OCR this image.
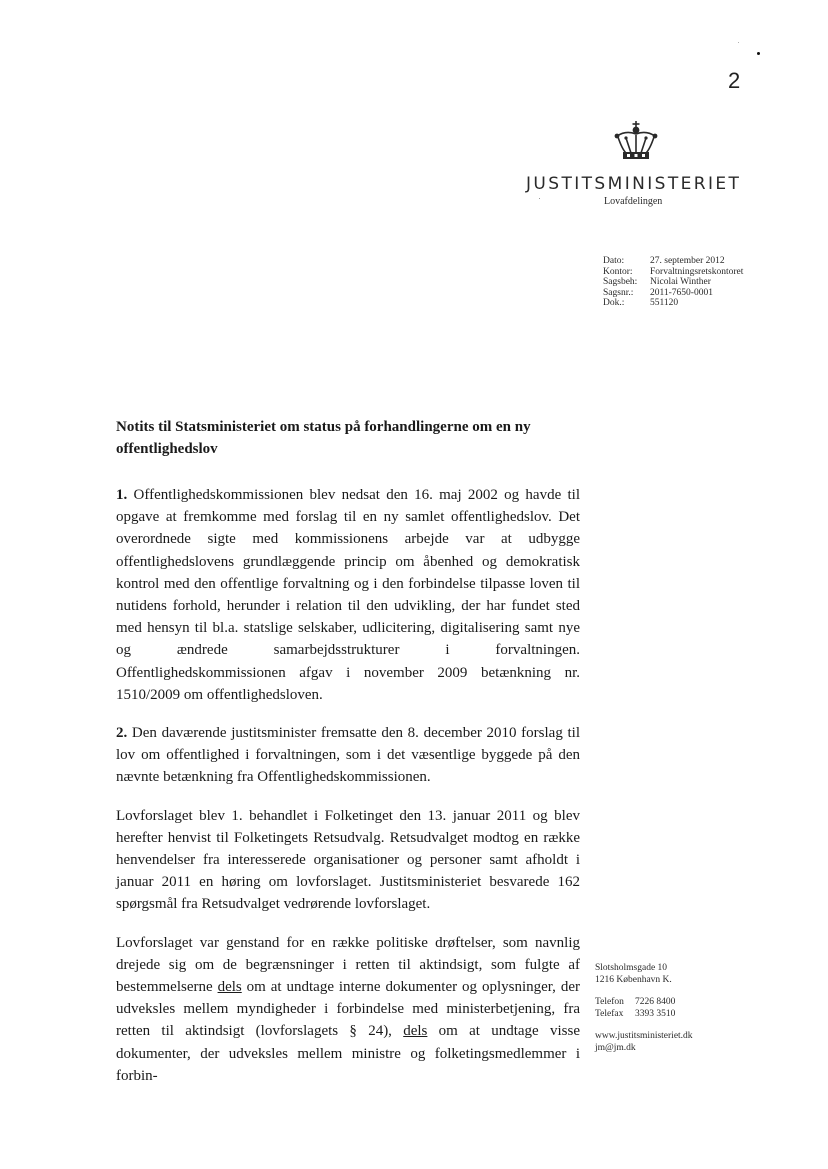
2
JUSTITSMINISTERIET
Lovafdelingen
Dato:	27. september 2012
Kontor:	Forvaltningsretskontoret
Sagsbeh:	Nicolai Winther
Sagsnr.:	2011-7650-0001
Dok.:	551120
Notits til Statsministeriet om status på forhandlingerne om en ny offentlighedslov

1. Offentlighedskommissionen blev nedsat den 16. maj 2002 og havde til opgave at fremkomme med forslag til en ny samlet offentlighedslov. Det overordnede sigte med kommissionens arbejde var at udbygge offentlighedslovens grundlæggende princip om åbenhed og demokratisk kontrol med den offentlige forvaltning og i den forbindelse tilpasse loven til nutidens forhold, herunder i relation til den udvikling, der har fundet sted med hensyn til bl.a. statslige selskaber, udlicitering, digitalisering samt nye og ændrede samarbejdsstrukturer i forvaltningen. Offentlighedskommissionen afgav i november 2009 betænkning nr. 1510/2009 om offentlighedsloven.

2. Den daværende justitsminister fremsatte den 8. december 2010 forslag til lov om offentlighed i forvaltningen, som i det væsentlige byggede på den nævnte betænkning fra Offentlighedskommissionen.

Lovforslaget blev 1. behandlet i Folketinget den 13. januar 2011 og blev herefter henvist til Folketingets Retsudvalg. Retsudvalget modtog en række henvendelser fra interesserede organisationer og personer samt afholdt i januar 2011 en høring om lovforslaget. Justitsministeriet besvarede 162 spørgsmål fra Retsudvalget vedrørende lovforslaget.

Lovforslaget var genstand for en række politiske drøftelser, som navnlig drejede sig om de begrænsninger i retten til aktindsigt, som fulgte af bestemmelserne dels om at undtage interne dokumenter og oplysninger, der udveksles mellem myndigheder i forbindelse med ministerbetjening, fra retten til aktindsigt (lovforslagets § 24), dels om at undtage visse dokumenter, der udveksles mellem ministre og folketingsmedlemmer i forbin-

Slotsholmsgade 10
1216 København K.
Telefon 7226 8400
Telefax 3393 3510
www.justitsministeriet.dk
jm@jm.dk
